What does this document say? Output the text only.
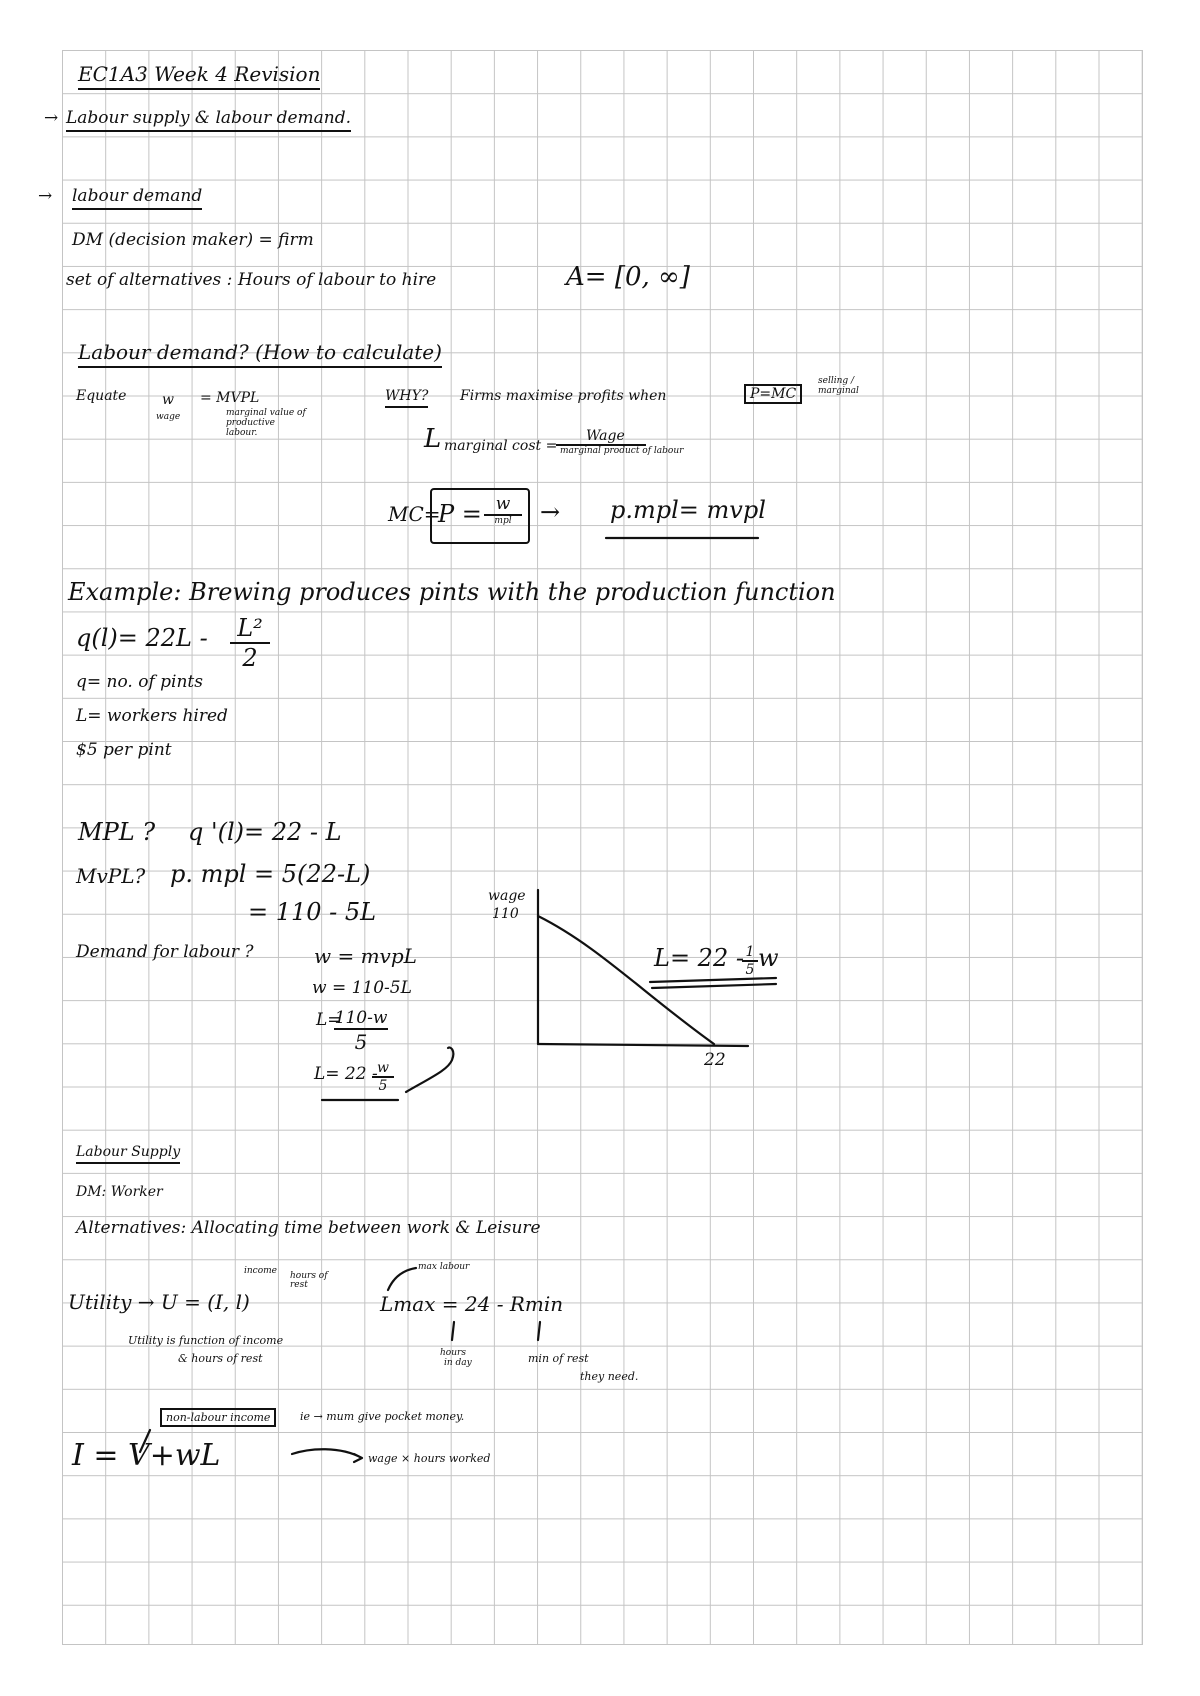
EC1A3 Week 4 Revision
→ Labour supply & labour demand.
→ labour demand
DM (decision maker) = firm
set of alternatives : Hours of labour to hire	A= [0, ∞]
Labour demand? (How to calculate)
Equate	w
wage
= MVPL
marginal value of productive labour.
WHY? Firms maximise profits when	P=MC
selling / marginal
L marginal cost =
Wage
marginal product of labour
MC=
P = w
mpl	→ p.mpl= mvpl
Example: Brewing produces pints with the production function
$q(l)= 22L - \frac{\text{L²}}{2}$
q= no. of pints
L= workers hired
$5 per pint
MPL ? q '(l)= 22 - L
MvPL? p. mpl = 5(22-L)
= 110 - 5L
Demand for labour ?	w = mvpL
w = 110-5L
L=
110-w
5
L= 22 -
$\frac{w}{5}$
wage
110
22
L= 22 -
$\frac{1}{5}$ w
Labour Supply
DM: Worker
Alternatives: Allocating time between work & Leisure
income hours of rest
Utility → U = (I, l)
Utility is function of income
& hours of rest
max labour
Lmax = 24 - Rmin
hours
in day	min of rest
they need.
non-labour income	ie → mum give pocket money.
I = V+wL	wage × hours worked
